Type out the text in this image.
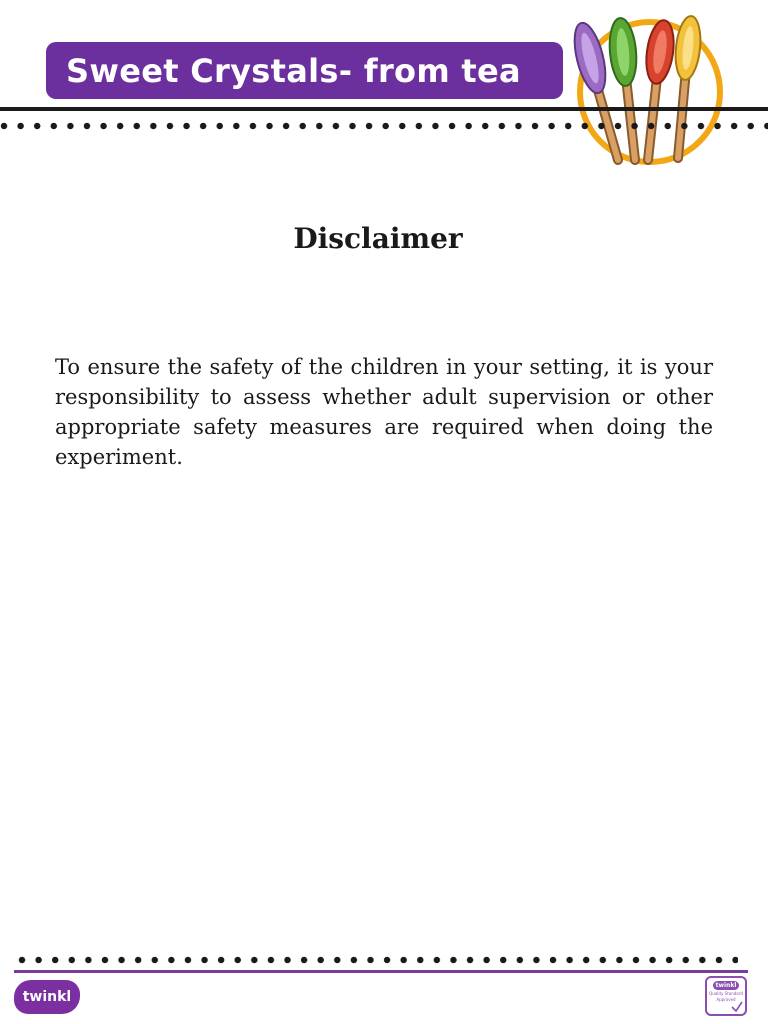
Sweet Crystals- from tea
Disclaimer

To ensure the safety of the children in your setting, it is your responsibility to assess whether adult supervision or other appropriate safety measures are required when doing the experiment.

twinkl
twinkl
Quality Standard
Approved
